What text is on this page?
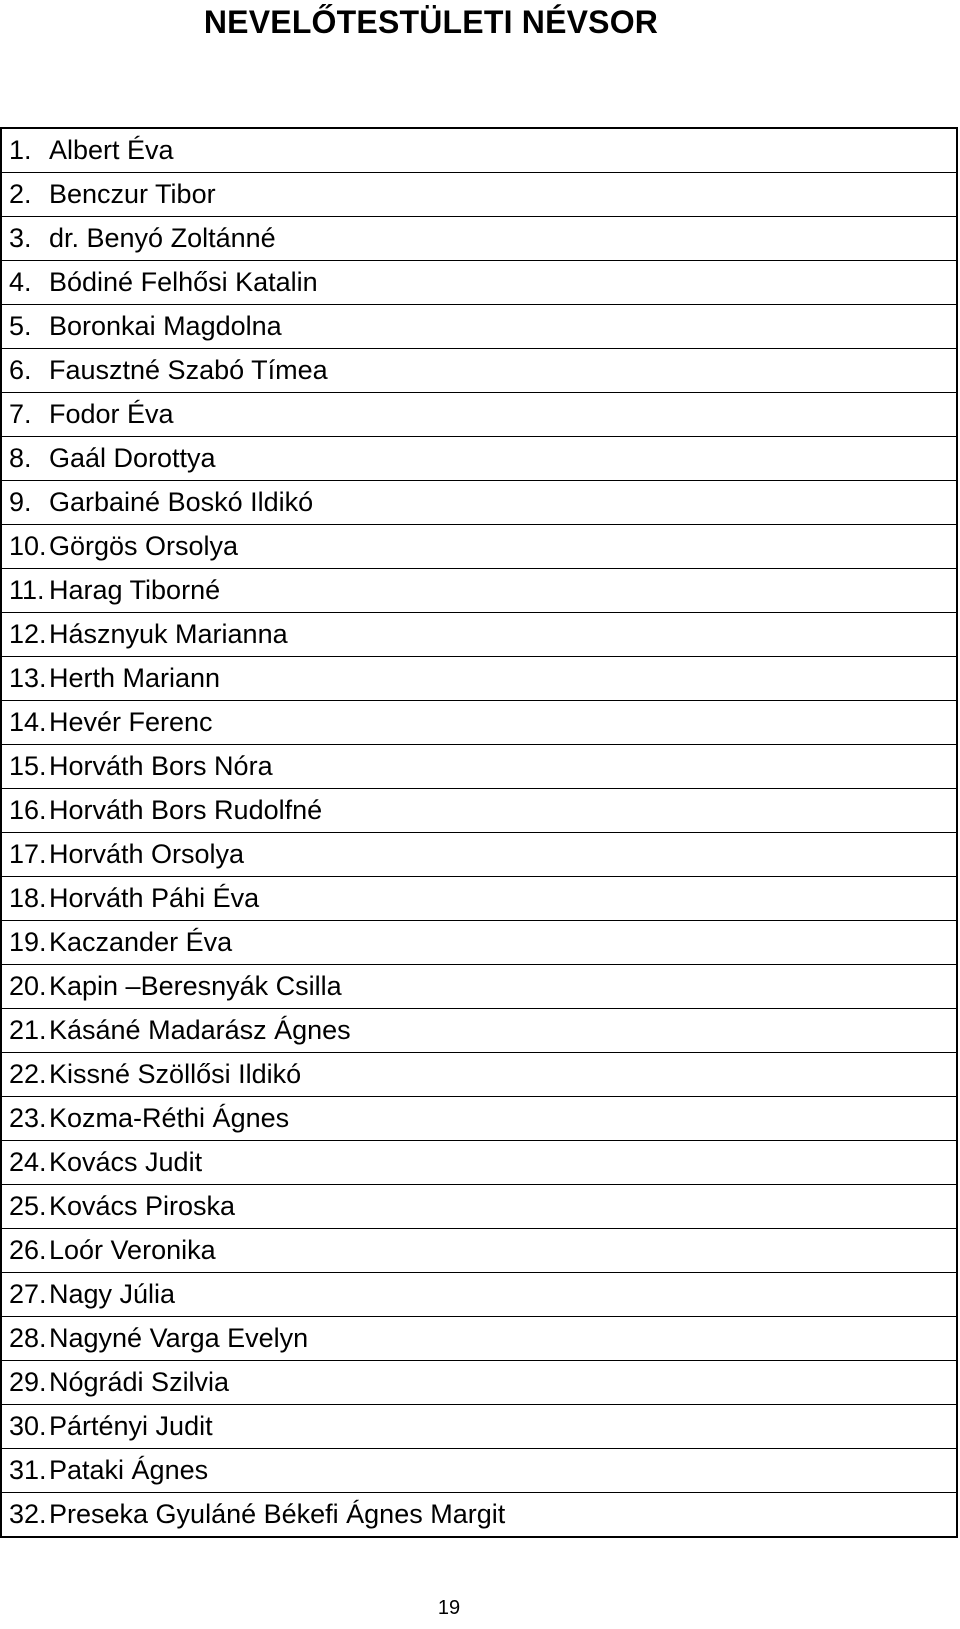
NEVELŐTESTÜLETI NÉVSOR
1. Albert Éva

2. Benczur Tibor

3. dr. Benyó Zoltánné

4. Bódiné Felhősi Katalin

5. Boronkai Magdolna

6. Fausztné Szabó Tímea

7. Fodor Éva

8. Gaál Dorottya

9. Garbainé Boskó Ildikó

10. Görgös Orsolya

11. Harag Tiborné

12. Hásznyuk Marianna

13. Herth Mariann

14. Hevér Ferenc

15. Horváth Bors Nóra

16. Horváth Bors Rudolfné

17. Horváth Orsolya

18. Horváth Páhi Éva

19. Kaczander Éva

20. Kapin –Beresnyák Csilla

21. Kásáné Madarász Ágnes

22. Kissné Szöllősi Ildikó

23. Kozma-Réthi Ágnes

24. Kovács Judit

25. Kovács Piroska

26. Loór Veronika

27. Nagy Júlia

28. Nagyné Varga Evelyn

29. Nógrádi Szilvia

30. Pártényi Judit

31. Pataki Ágnes

32. Preseka Gyuláné Békefi Ágnes Margit
19
